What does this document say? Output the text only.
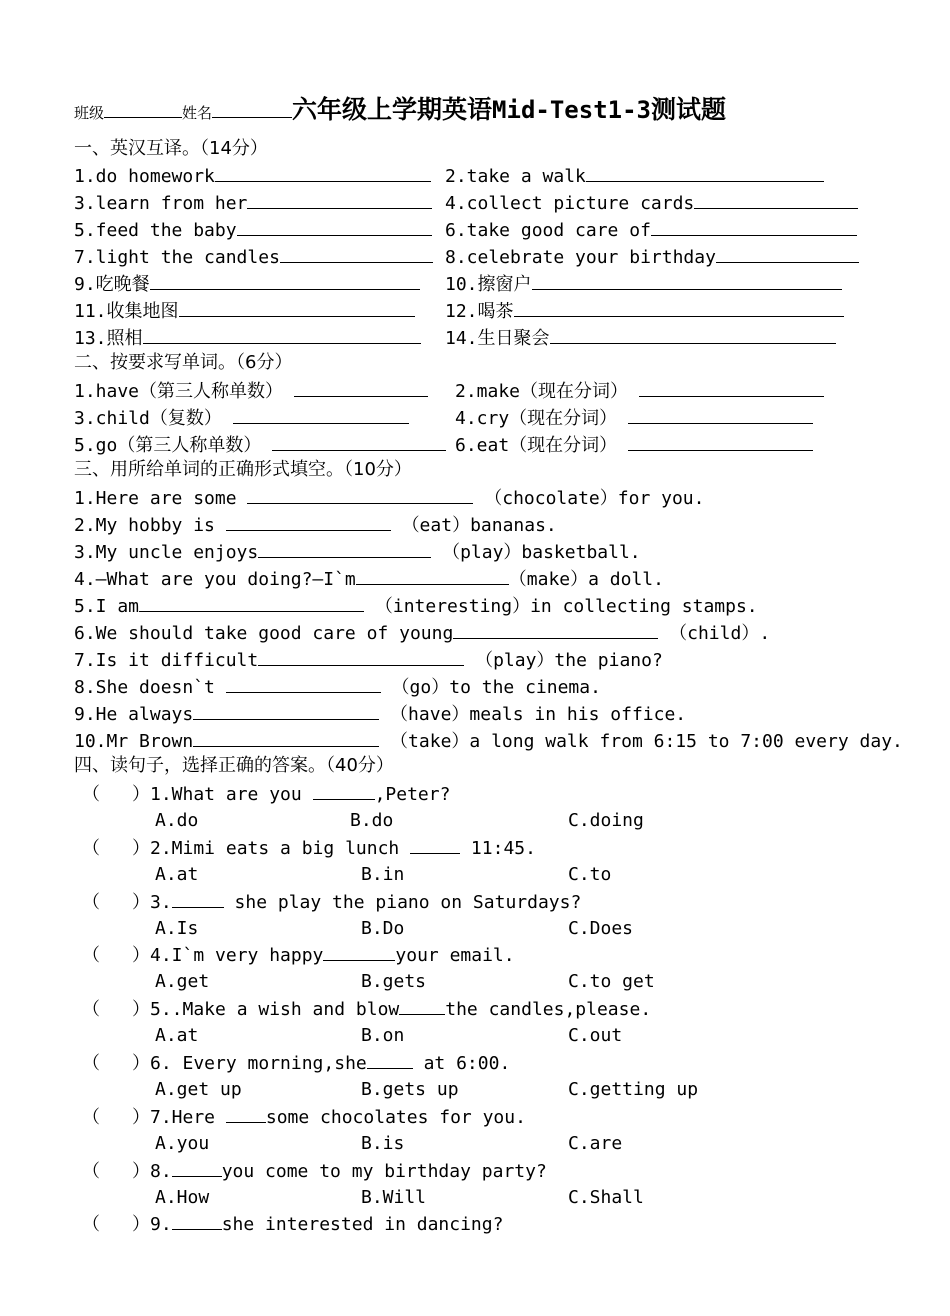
班级	姓名	六年级上学期英语Mid-Test1-3测试题
一、英汉互译。（14分）
1.do homework	2.take a walk
3.learn from her	4.collect picture cards
5.feed the baby	6.take good care of
7.light the candles	8.celebrate your birthday
9.吃晚餐	10.擦窗户
11.收集地图	12.喝茶
13.照相	14.生日聚会
二、按要求写单词。（6分）
1.have（第三人称单数）	2.make（现在分词）
3.child（复数）	4.cry（现在分词）
5.go（第三人称单数）	6.eat（现在分词）
三、用所给单词的正确形式填空。（10分）
1.Here are some	（chocolate）for you.
2.My hobby is	（eat）bananas.
3.My uncle enjoys	（play）basketball.
4.—What are you doing?—I`m	（make）a doll.
5.I am	（interesting）in collecting stamps.
6.We should take good care of young	（child）.
7.Is it difficult	（play）the piano?
8.She doesn`t	（go）to the cinema.
9.He always	（have）meals in his office.
10.Mr Brown	（take）a long walk from 6:15 to 7:00 every day.
四、读句子，选择正确的答案。（40分）
（ ）1.What are you	,Peter?
A.do	B.do	C.doing
（ ）2.Mimi eats a big lunch	11:45.
A.at	B.in	C.to
（ ）3.	she play the piano on Saturdays?
A.Is	B.Do	C.Does
（ ）4.I`m very happy	your email.
A.get	B.gets	C.to get
（ ）5..Make a wish and blow	the candles,please.
A.at	B.on	C.out
（ ）6. Every morning,she	at 6:00.
A.get up	B.gets up	C.getting up
（ ）7.Here some chocolates for you.
A.you	B.is	C.are
（ ）8.	you come to my birthday party?
A.How	B.Will	C.Shall
（ ）9.	she interested in dancing?
